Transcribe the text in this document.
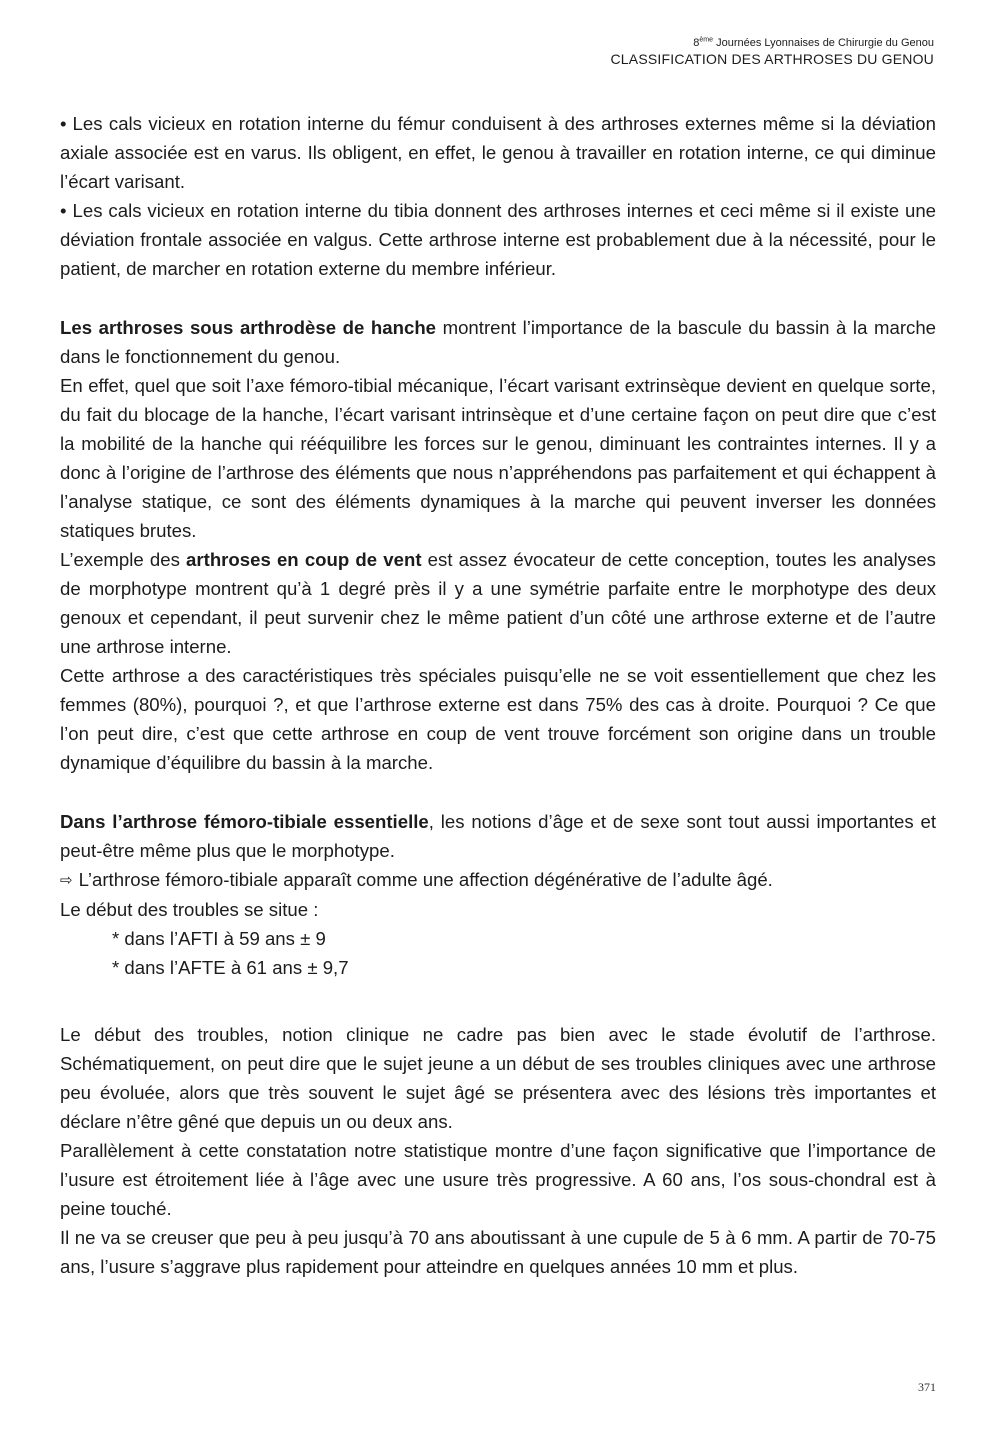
8ème Journées Lyonnaises de Chirurgie du Genou
CLASSIFICATION DES ARTHROSES DU GENOU

• Les cals vicieux en rotation interne du fémur conduisent à des arthroses externes même si la déviation axiale associée est en varus. Ils obligent, en effet, le genou à travailler en rotation interne, ce qui diminue l’écart varisant.

• Les cals vicieux en rotation interne du tibia donnent des arthroses internes et ceci même si il existe une déviation frontale associée en valgus. Cette arthrose interne est probablement due à la nécessité, pour le patient, de marcher en rotation externe du membre inférieur.

Les arthroses sous arthrodèse de hanche montrent l’importance de la bascule du bassin à la marche dans le fonctionnement du genou.

En effet, quel que soit l’axe fémoro-tibial mécanique, l’écart varisant extrinsèque devient en quelque sorte, du fait du blocage de la hanche, l’écart varisant intrinsèque et d’une certaine façon on peut dire que c’est la mobilité de la hanche qui rééquilibre les forces sur le genou, diminuant les contraintes internes. Il y a donc à l’origine de l’arthrose des éléments que nous n’appréhendons pas parfaitement et qui échappent à l’analyse statique, ce sont des éléments dynamiques à la marche qui peuvent inverser les données statiques brutes.

L’exemple des arthroses en coup de vent est assez évocateur de cette conception, toutes les analyses de morphotype montrent qu’à 1 degré près il y a une symétrie parfaite entre le morphotype des deux genoux et cependant, il peut survenir chez le même patient d’un côté une arthrose externe et de l’autre une arthrose interne.

Cette arthrose a des caractéristiques très spéciales puisqu’elle ne se voit essentiellement que chez les femmes (80%), pourquoi ?, et que l’arthrose externe est dans 75% des cas à droite. Pourquoi ? Ce que l’on peut dire, c’est que cette arthrose en coup de vent trouve forcément son origine dans un trouble dynamique d’équilibre du bassin à la marche.

Dans l’arthrose fémoro-tibiale essentielle, les notions d’âge et de sexe sont tout aussi importantes et peut-être même plus que le morphotype.

⇨ L’arthrose fémoro-tibiale apparaît comme une affection dégénérative de l’adulte âgé.

Le début des troubles se situe :

* dans l’AFTI à 59 ans ± 9

* dans l’AFTE à 61 ans ± 9,7

Le début des troubles, notion clinique ne cadre pas bien avec le stade évolutif de l’arthrose. Schématiquement, on peut dire que le sujet jeune a un début de ses troubles cliniques avec une arthrose peu évoluée, alors que très souvent le sujet âgé se présentera avec des lésions très importantes et déclare n’être gêné que depuis un ou deux ans.

Parallèlement à cette constatation notre statistique montre d’une façon significative que l’importance de l’usure est étroitement liée à l’âge avec une usure très progressive. A 60 ans, l’os sous-chondral est à peine touché.

Il ne va se creuser que peu à peu jusqu’à 70 ans aboutissant à une cupule de 5 à 6 mm. A partir de 70-75 ans, l’usure s’aggrave plus rapidement pour atteindre en quelques années 10 mm et plus.

371
